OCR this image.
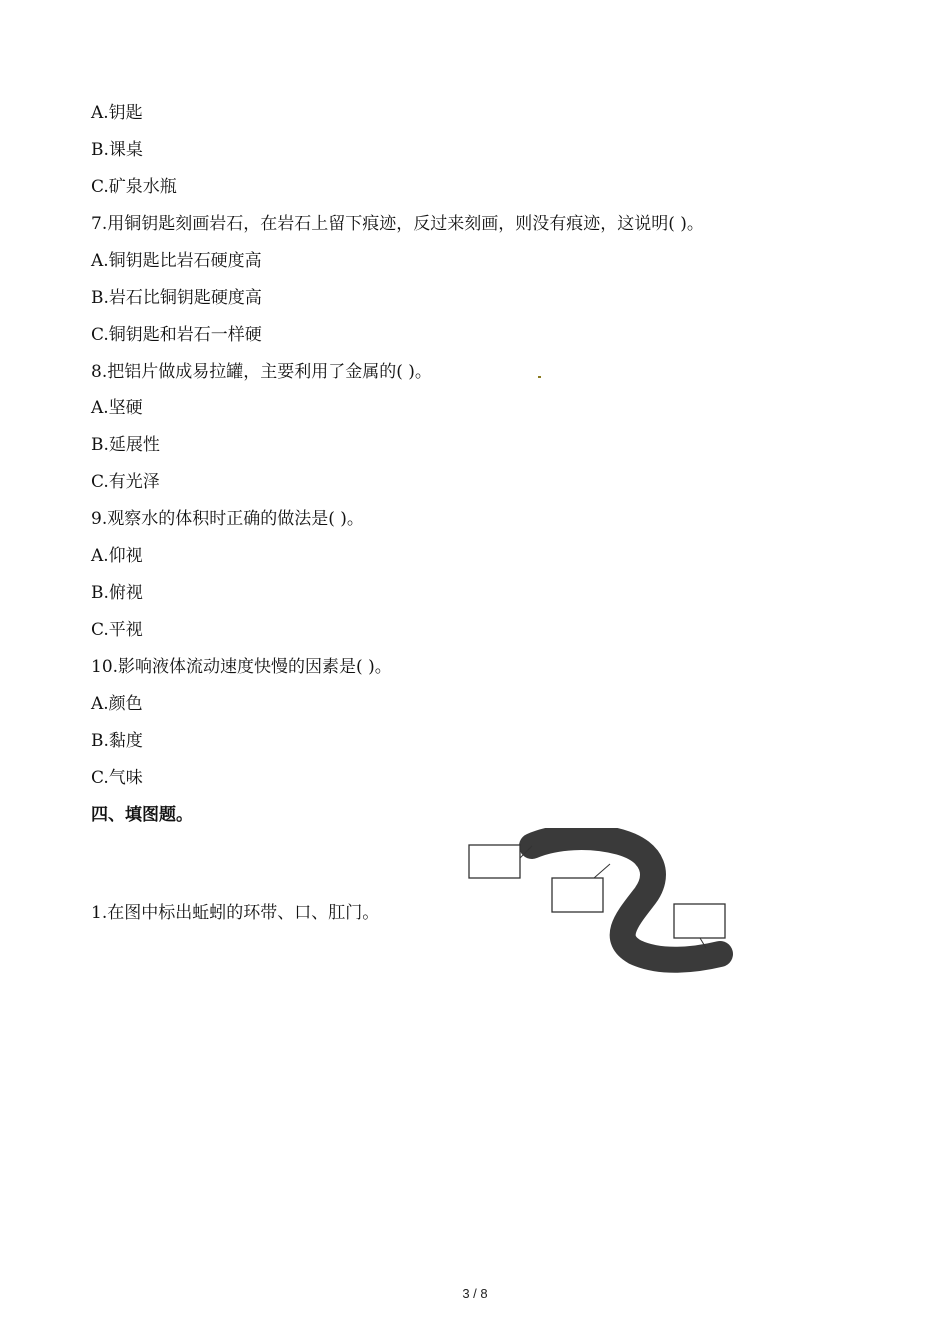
A.钥匙
B.课桌
C.矿泉水瓶
7.用铜钥匙刻画岩石，在岩石上留下痕迹，反过来刻画，则没有痕迹，这说明( )。
A.铜钥匙比岩石硬度高
B.岩石比铜钥匙硬度高
C.铜钥匙和岩石一样硬
8.把铝片做成易拉罐，主要利用了金属的( )。
A.坚硬
B.延展性
C.有光泽
9.观察水的体积时正确的做法是( )。
A.仰视
B.俯视
C.平视
10.影响液体流动速度快慢的因素是( )。
A.颜色
B.黏度
C.气味
四、填图题。
1.在图中标出蚯蚓的环带、口、肛门。
3 / 8
